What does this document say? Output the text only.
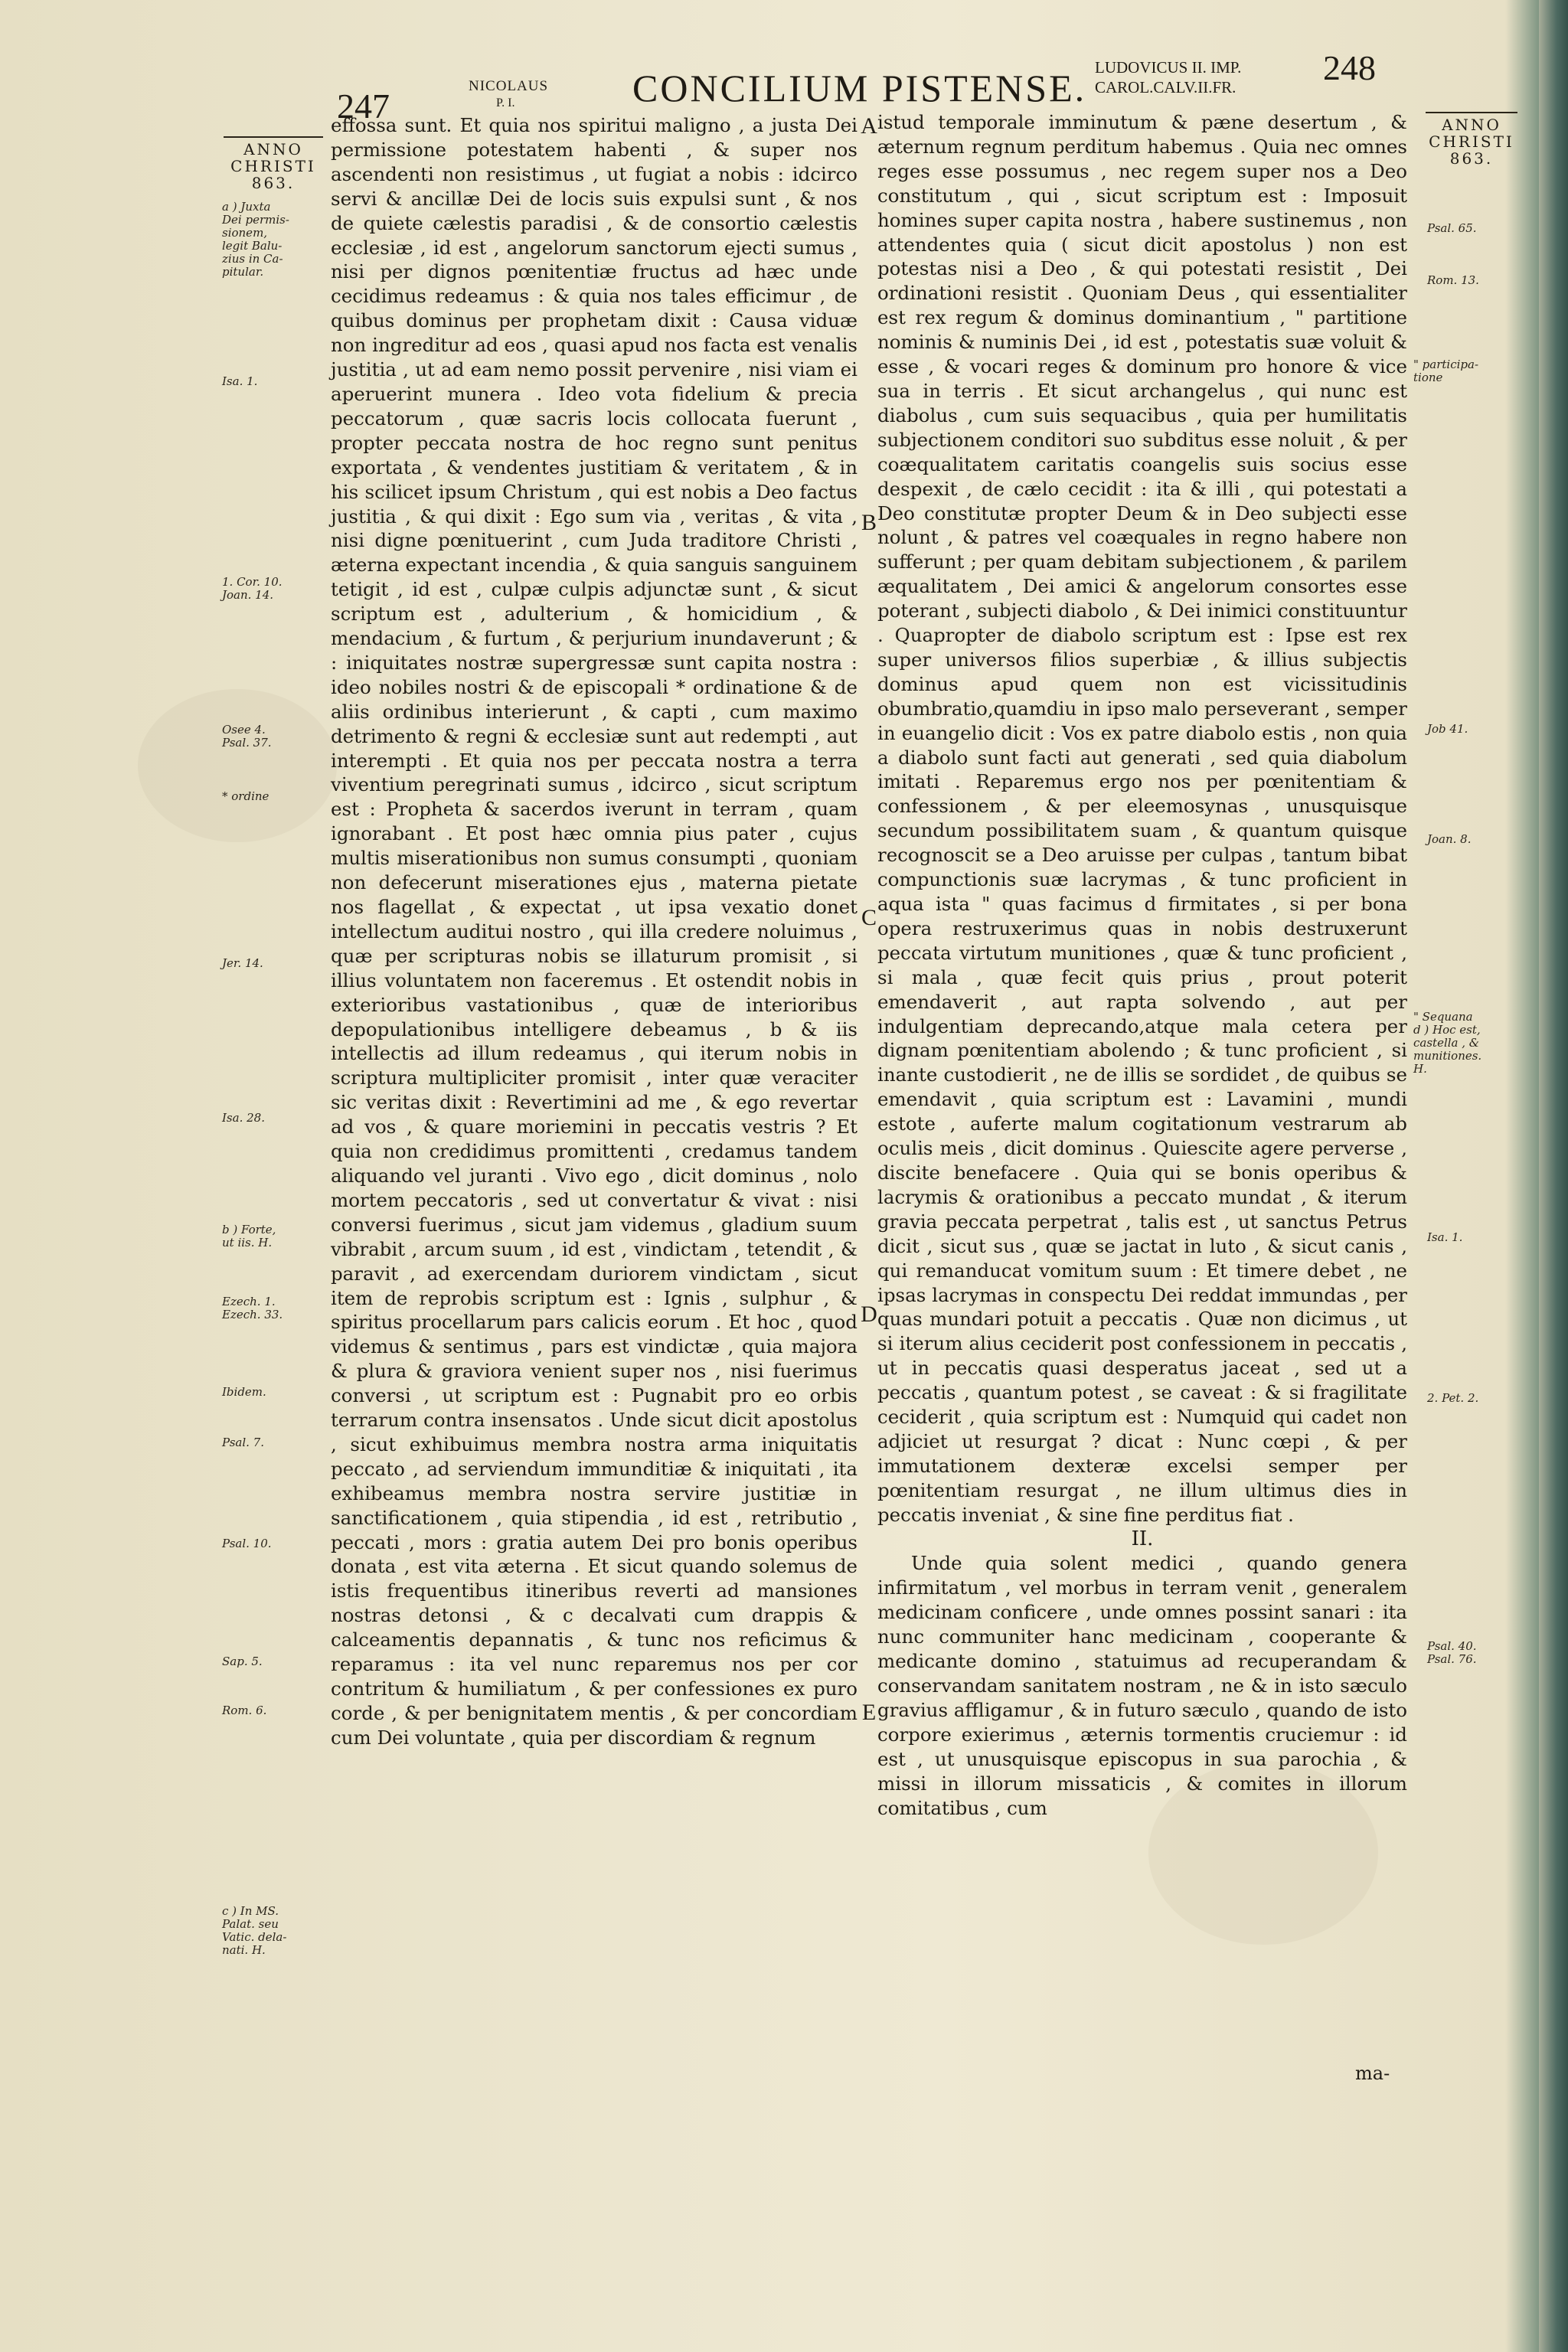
247
NICOLAUS
P. I.	CONCILIUM PISTENSE. LUDOVICUS II. IMP.
CAROL.CALV.II.FR. 248
ANNO
CHRISTI
863.
ANNO
CHRISTI
863.
a ) Juxta
Dei permis-
sionem,
legit Balu-
zius in Ca-
pitular.
Isa. 1.
1. Cor. 10.
Joan. 14.
Osee 4.
Psal. 37.
* ordine
Jer. 14.
Isa. 28.
b ) Forte,
ut iis. H.
Ezech. 1.
Ezech. 33.
Ibidem.
Psal. 7.
Psal. 10.
Sap. 5.
Rom. 6.
c ) In MS.
Palat. seu
Vatic. dela-
nati. H.
Psal. 65.
Rom. 13.
" participa-
tione
Job 41.
Joan. 8.
" Sequana
d ) Hoc est,
castella , &
munitiones.
H.
Isa. 1.
2. Pet. 2.
Psal. 40.
Psal. 76.
A
B
C
D
E

effossa sunt. Et quia nos spiritui maligno , a justa Dei permissione potestatem habenti , & super nos ascendenti non resistimus , ut fugiat a nobis : idcirco servi & ancillæ Dei de locis suis expulsi sunt , & nos de quiete cælestis paradisi , & de consortio cælestis ecclesiæ , id est , angelorum sanctorum ejecti sumus , nisi per dignos pœnitentiæ fructus ad hæc unde cecidimus redeamus : & quia nos tales efficimur , de quibus dominus per prophetam dixit : Causa viduæ non ingreditur ad eos , quasi apud nos facta est venalis justitia , ut ad eam nemo possit pervenire , nisi viam ei aperuerint munera . Ideo vota fidelium & precia peccatorum , quæ sacris locis collocata fuerunt , propter peccata nostra de hoc regno sunt penitus exportata , & vendentes justitiam & veritatem , & in his scilicet ipsum Christum , qui est nobis a Deo factus justitia , & qui dixit : Ego sum via , veritas , & vita , nisi digne pœnituerint , cum Juda traditore Christi , æterna expectant incendia , & quia sanguis sanguinem tetigit , id est , culpæ culpis adjunctæ sunt , & sicut scriptum est , adulterium , & homicidium , & mendacium , & furtum , & perjurium inundaverunt ; & : iniquitates nostræ supergressæ sunt capita nostra : ideo nobiles nostri & de episcopali * ordinatione & de aliis ordinibus interierunt , & capti , cum maximo detrimento & regni & ecclesiæ sunt aut redempti , aut interempti . Et quia nos per peccata nostra a terra viventium peregrinati sumus , idcirco , sicut scriptum est : Propheta & sacerdos iverunt in terram , quam ignorabant . Et post hæc omnia pius pater , cujus multis miserationibus non sumus consumpti , quoniam non defecerunt miserationes ejus , materna pietate nos flagellat , & expectat , ut ipsa vexatio donet intellectum auditui nostro , qui illa credere noluimus , quæ per scripturas nobis se illaturum promisit , si illius voluntatem non faceremus . Et ostendit nobis in exterioribus vastationibus , quæ de interioribus depopulationibus intelligere debeamus , b & iis intellectis ad illum redeamus , qui iterum nobis in scriptura multipliciter promisit , inter quæ veraciter sic veritas dixit : Revertimini ad me , & ego revertar ad vos , & quare moriemini in peccatis vestris ? Et quia non credidimus promittenti , credamus tandem aliquando vel juranti . Vivo ego , dicit dominus , nolo mortem peccatoris , sed ut convertatur & vivat : nisi conversi fuerimus , sicut jam videmus , gladium suum vibrabit , arcum suum , id est , vindictam , tetendit , & paravit , ad exercendam duriorem vindictam , sicut item de reprobis scriptum est : Ignis , sulphur , & spiritus procellarum pars calicis eorum . Et hoc , quod videmus & sentimus , pars est vindictæ , quia majora & plura & graviora venient super nos , nisi fuerimus conversi , ut scriptum est : Pugnabit pro eo orbis terrarum contra insensatos . Unde sicut dicit apostolus , sicut exhibuimus membra nostra arma iniquitatis peccato , ad serviendum immunditiæ & iniquitati , ita exhibeamus membra nostra servire justitiæ in sanctificationem , quia stipendia , id est , retributio , peccati , mors : gratia autem Dei pro bonis operibus donata , est vita æterna . Et sicut quando solemus de istis frequentibus itineribus reverti ad mansiones nostras detonsi , & c decalvati cum drappis & calceamentis depannatis , & tunc nos reficimus & reparamus : ita vel nunc reparemus nos per cor contritum & humiliatum , & per confessiones ex puro corde , & per benignitatem mentis , & per concordiam cum Dei voluntate , quia per discordiam & regnum

istud temporale imminutum & pæne desertum , & æternum regnum perditum habemus . Quia nec omnes reges esse possumus , nec regem super nos a Deo constitutum , qui , sicut scriptum est : Imposuit homines super capita nostra , habere sustinemus , non attendentes quia ( sicut dicit apostolus ) non est potestas nisi a Deo , & qui potestati resistit , Dei ordinationi resistit . Quoniam Deus , qui essentialiter est rex regum & dominus dominantium , " partitione nominis & numinis Dei , id est , potestatis suæ voluit & esse , & vocari reges & dominum pro honore & vice sua in terris . Et sicut archangelus , qui nunc est diabolus , cum suis sequacibus , quia per humilitatis subjectionem conditori suo subditus esse noluit , & per coæqualitatem caritatis coangelis suis socius esse despexit , de cælo cecidit : ita & illi , qui potestati a Deo constitutæ propter Deum & in Deo subjecti esse nolunt , & patres vel coæquales in regno habere non sufferunt ; per quam debitam subjectionem , & parilem æqualitatem , Dei amici & angelorum consortes esse poterant , subjecti diabolo , & Dei inimici constituuntur . Quapropter de diabolo scriptum est : Ipse est rex super universos filios superbiæ , & illius subjectis dominus apud quem non est vicissitudinis obumbratio,quamdiu in ipso malo perseverant , semper in euangelio dicit : Vos ex patre diabolo estis , non quia a diabolo sunt facti aut generati , sed quia diabolum imitati . Reparemus ergo nos per pœnitentiam & confessionem , & per eleemosynas , unusquisque secundum possibilitatem suam , & quantum quisque recognoscit se a Deo aruisse per culpas , tantum bibat compunctionis suæ lacrymas , & tunc proficient in aqua ista " quas facimus d firmitates , si per bona opera restruxerimus quas in nobis destruxerunt peccata virtutum munitiones , quæ & tunc proficient , si mala , quæ fecit quis prius , prout poterit emendaverit , aut rapta solvendo , aut per indulgentiam deprecando,atque mala cetera per dignam pœnitentiam abolendo ; & tunc proficient , si inante custodierit , ne de illis se sordidet , de quibus se emendavit , quia scriptum est : Lavamini , mundi estote , auferte malum cogitationum vestrarum ab oculis meis , dicit dominus . Quiescite agere perverse , discite benefacere . Quia qui se bonis operibus & lacrymis & orationibus a peccato mundat , & iterum gravia peccata perpetrat , talis est , ut sanctus Petrus dicit , sicut sus , quæ se jactat in luto , & sicut canis , qui remanducat vomitum suum : Et timere debet , ne ipsas lacrymas in conspectu Dei reddat immundas , per quas mundari potuit a peccatis . Quæ non dicimus , ut si iterum alius ceciderit post confessionem in peccatis , ut in peccatis quasi desperatus jaceat , sed ut a peccatis , quantum potest , se caveat : & si fragilitate ceciderit , quia scriptum est : Numquid qui cadet non adjiciet ut resurgat ? dicat : Nunc cœpi , & per immutationem dexteræ excelsi semper per pœnitentiam resurgat , ne illum ultimus dies in peccatis inveniat , & sine fine perditus fiat .

II.

Unde quia solent medici , quando genera infirmitatum , vel morbus in terram venit , generalem medicinam conficere , unde omnes possint sanari : ita nunc communiter hanc medicinam , cooperante & medicante domino , statuimus ad recuperandam & conservandam sanitatem nostram , ne & in isto sæculo gravius affligamur , & in futuro sæculo , quando de isto corpore exierimus , æternis tormentis cruciemur : id est , ut unusquisque episcopus in sua parochia , & missi in illorum missaticis , & comites in illorum comitatibus , cum

ma-
